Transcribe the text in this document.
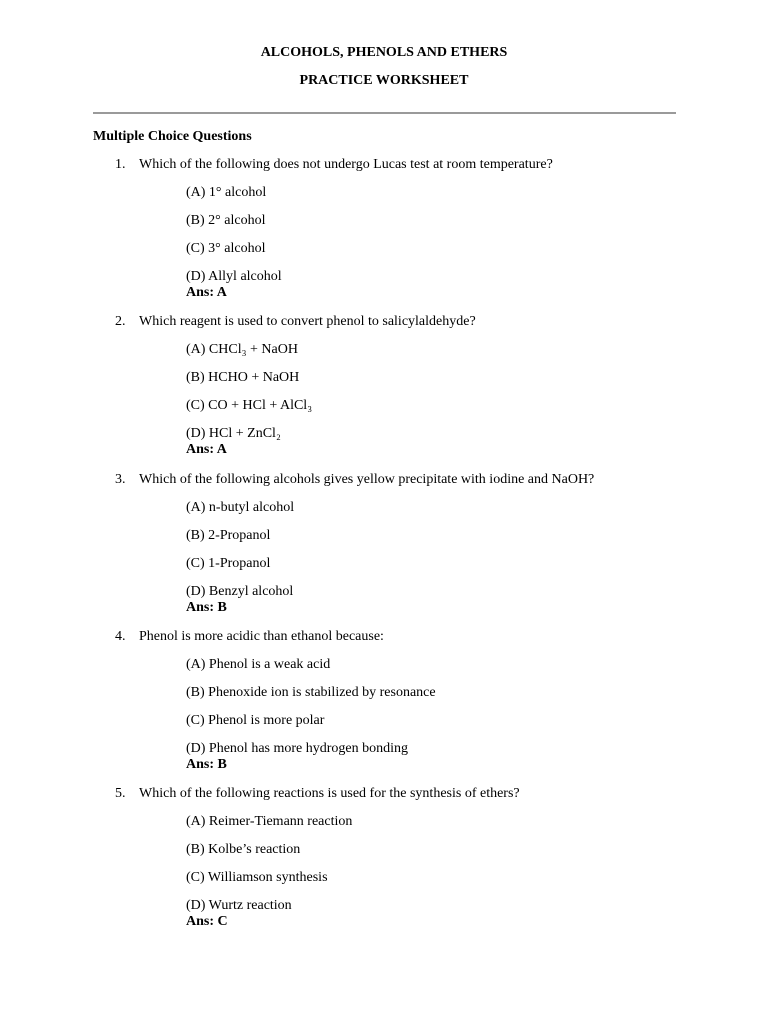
ALCOHOLS, PHENOLS AND ETHERS
PRACTICE WORKSHEET
Multiple Choice Questions
1. Which of the following does not undergo Lucas test at room temperature?
(A) 1° alcohol
(B) 2° alcohol
(C) 3° alcohol
(D) Allyl alcohol
Ans: A
2. Which reagent is used to convert phenol to salicylaldehyde?
(A) CHCl₃ + NaOH
(B) HCHO + NaOH
(C) CO + HCl + AlCl₃
(D) HCl + ZnCl₂
Ans: A
3. Which of the following alcohols gives yellow precipitate with iodine and NaOH?
(A) n-butyl alcohol
(B) 2-Propanol
(C) 1-Propanol
(D) Benzyl alcohol
Ans: B
4. Phenol is more acidic than ethanol because:
(A) Phenol is a weak acid
(B) Phenoxide ion is stabilized by resonance
(C) Phenol is more polar
(D) Phenol has more hydrogen bonding
Ans: B
5. Which of the following reactions is used for the synthesis of ethers?
(A) Reimer-Tiemann reaction
(B) Kolbe’s reaction
(C) Williamson synthesis
(D) Wurtz reaction
Ans: C
